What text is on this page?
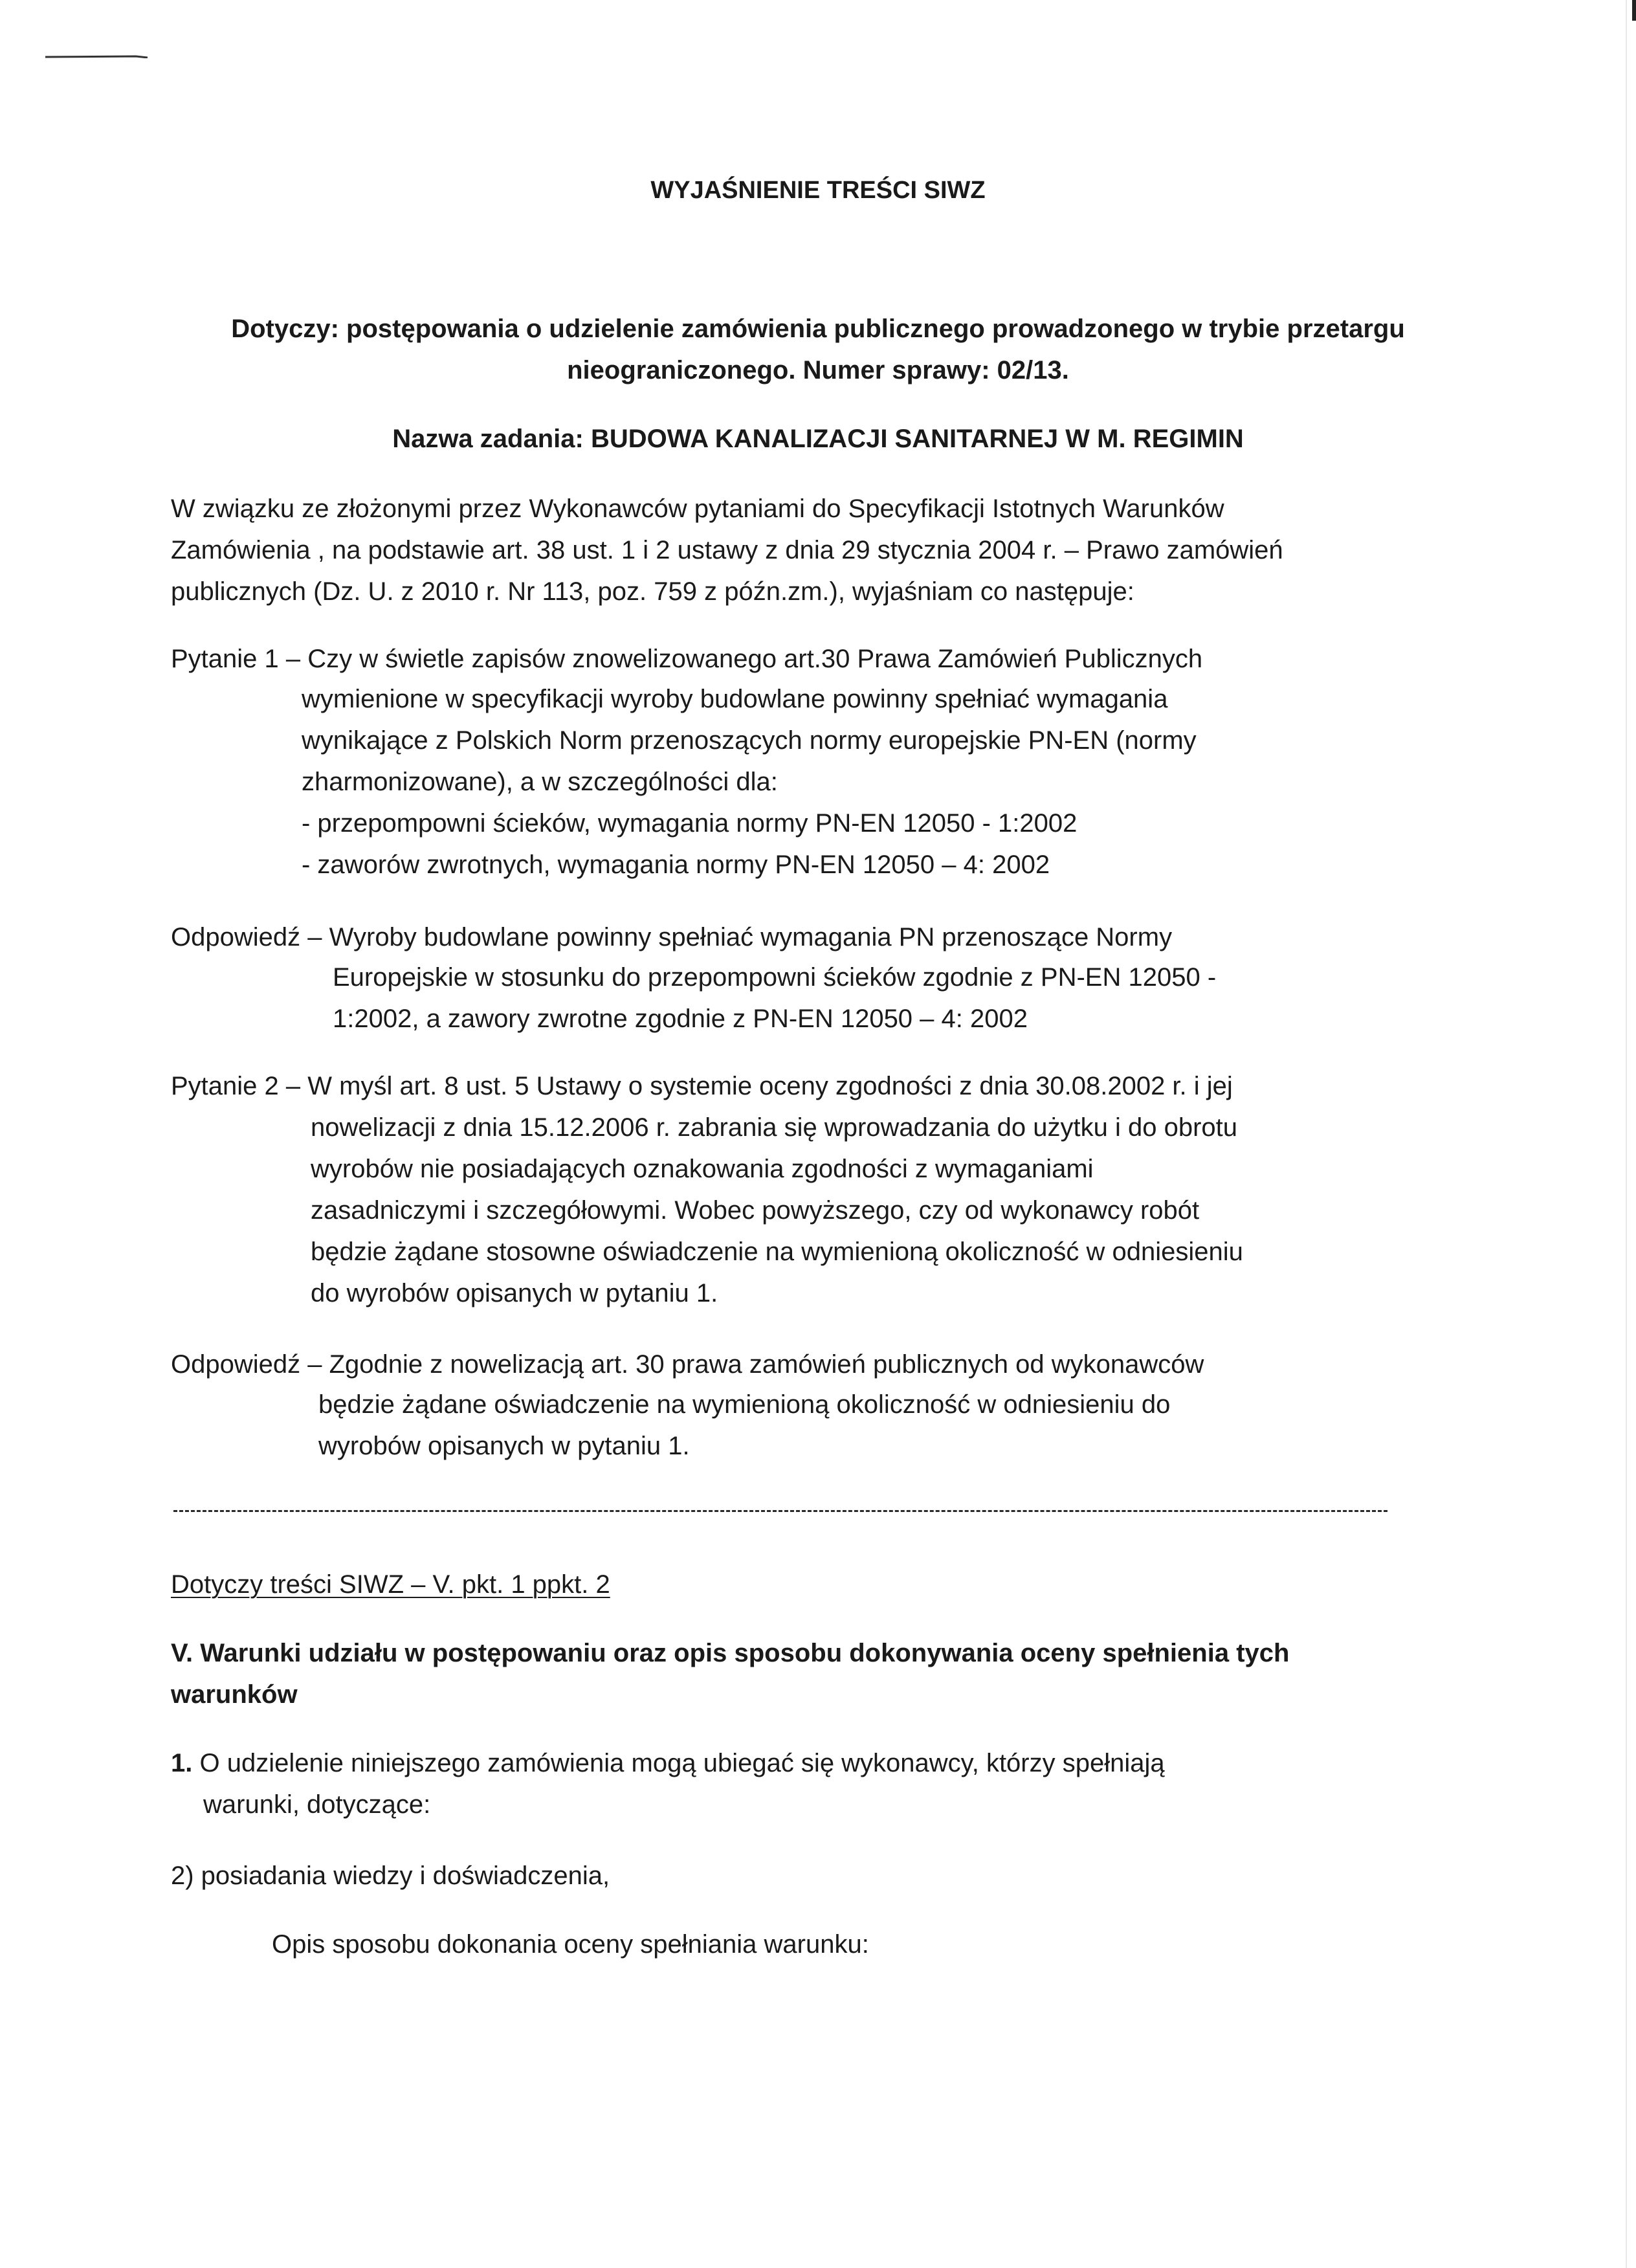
WYJAŚNIENIE TREŚCI SIWZ
Dotyczy: postępowania o udzielenie zamówienia publicznego prowadzonego w trybie przetargu
nieograniczonego. Numer sprawy: 02/13.
Nazwa zadania: BUDOWA KANALIZACJI SANITARNEJ W M. REGIMIN
W związku ze złożonymi przez Wykonawców pytaniami do Specyfikacji Istotnych Warunków
Zamówienia , na podstawie art. 38 ust. 1 i 2 ustawy z dnia 29 stycznia 2004 r. – Prawo zamówień
publicznych (Dz. U. z 2010 r. Nr 113, poz. 759 z późn.zm.), wyjaśniam co następuje:
Pytanie 1 – Czy w świetle zapisów znowelizowanego art.30 Prawa Zamówień Publicznych
wymienione w specyfikacji wyroby budowlane powinny spełniać wymagania
wynikające z Polskich Norm przenoszących normy europejskie PN-EN (normy
zharmonizowane), a w szczególności dla:
- przepompowni ścieków, wymagania normy PN-EN 12050 - 1:2002
- zaworów zwrotnych, wymagania normy PN-EN 12050 – 4: 2002
Odpowiedź – Wyroby budowlane powinny spełniać wymagania PN przenoszące Normy
Europejskie w stosunku do przepompowni ścieków zgodnie z PN-EN 12050 -
1:2002, a zawory zwrotne zgodnie z PN-EN 12050 – 4: 2002
Pytanie 2 – W myśl art. 8 ust. 5 Ustawy o systemie oceny zgodności z dnia 30.08.2002 r. i jej
nowelizacji z dnia 15.12.2006 r. zabrania się wprowadzania do użytku i do obrotu
wyrobów nie posiadających oznakowania zgodności z wymaganiami
zasadniczymi i szczegółowymi. Wobec powyższego, czy od wykonawcy robót
będzie żądane stosowne oświadczenie na wymienioną okoliczność w odniesieniu
do wyrobów opisanych w pytaniu 1.
Odpowiedź – Zgodnie z nowelizacją art. 30 prawa zamówień publicznych od wykonawców
będzie żądane oświadczenie na wymienioną okoliczność w odniesieniu do
wyrobów opisanych w pytaniu 1.
Dotyczy treści SIWZ – V. pkt. 1 ppkt. 2
V. Warunki udziału w postępowaniu oraz opis sposobu dokonywania oceny spełnienia tych
warunków
1. O udzielenie niniejszego zamówienia mogą ubiegać się wykonawcy, którzy spełniają
warunki, dotyczące:
2) posiadania wiedzy i doświadczenia,
Opis sposobu dokonania oceny spełniania warunku:
